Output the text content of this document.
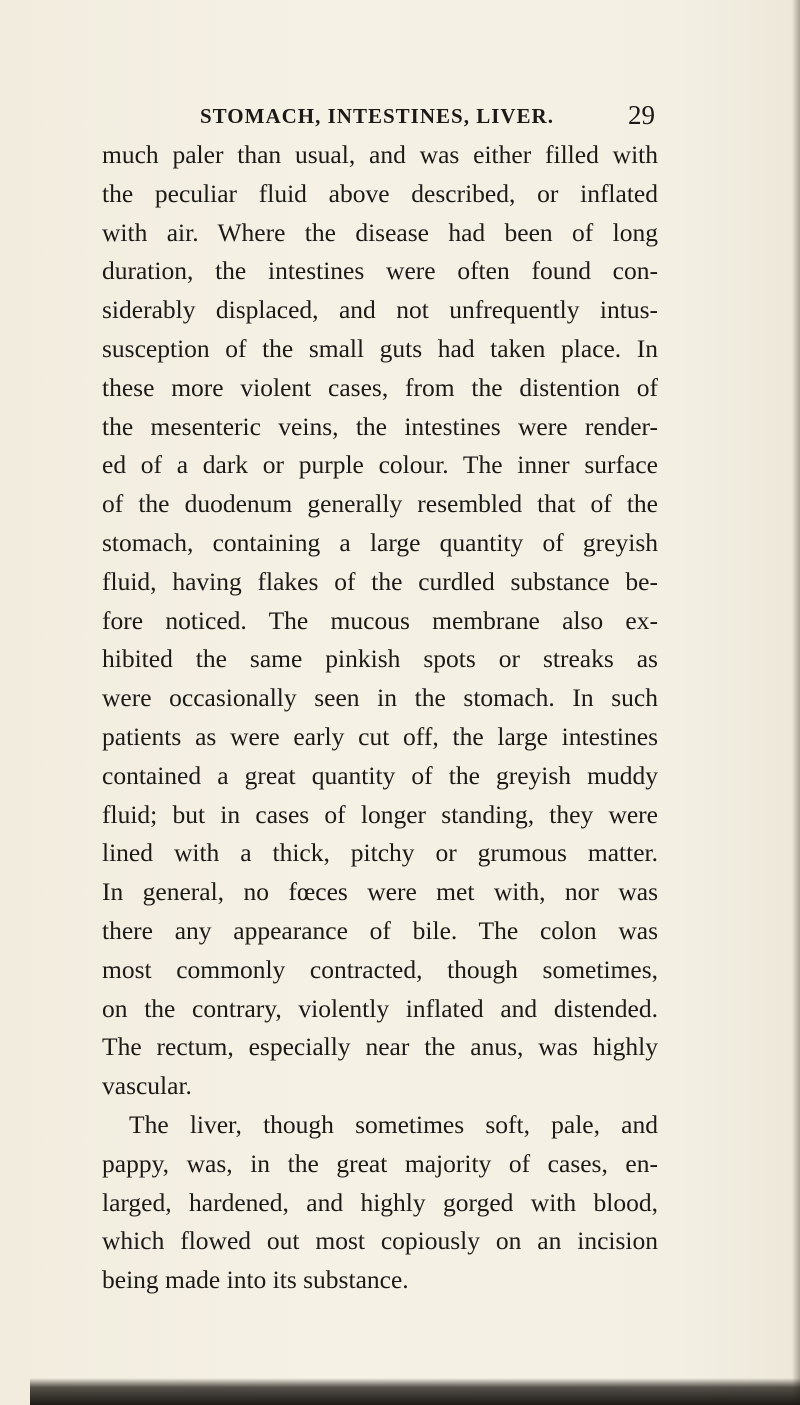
STOMACH, INTESTINES, LIVER.	29
much paler than usual, and was either filled with
the peculiar fluid above described, or inflated
with air. Where the disease had been of long
duration, the intestines were often found con-
siderably displaced, and not unfrequently intus-
susception of the small guts had taken place. In
these more violent cases, from the distention of
the mesenteric veins, the intestines were render-
ed of a dark or purple colour. The inner surface
of the duodenum generally resembled that of the
stomach, containing a large quantity of greyish
fluid, having flakes of the curdled substance be-
fore noticed. The mucous membrane also ex-
hibited the same pinkish spots or streaks as
were occasionally seen in the stomach. In such
patients as were early cut off, the large intestines
contained a great quantity of the greyish muddy
fluid; but in cases of longer standing, they were
lined with a thick, pitchy or grumous matter.
In general, no fœces were met with, nor was
there any appearance of bile. The colon was
most commonly contracted, though sometimes,
on the contrary, violently inflated and distended.
The rectum, especially near the anus, was highly
vascular.
The liver, though sometimes soft, pale, and
pappy, was, in the great majority of cases, en-
larged, hardened, and highly gorged with blood,
which flowed out most copiously on an incision
being made into its substance.
